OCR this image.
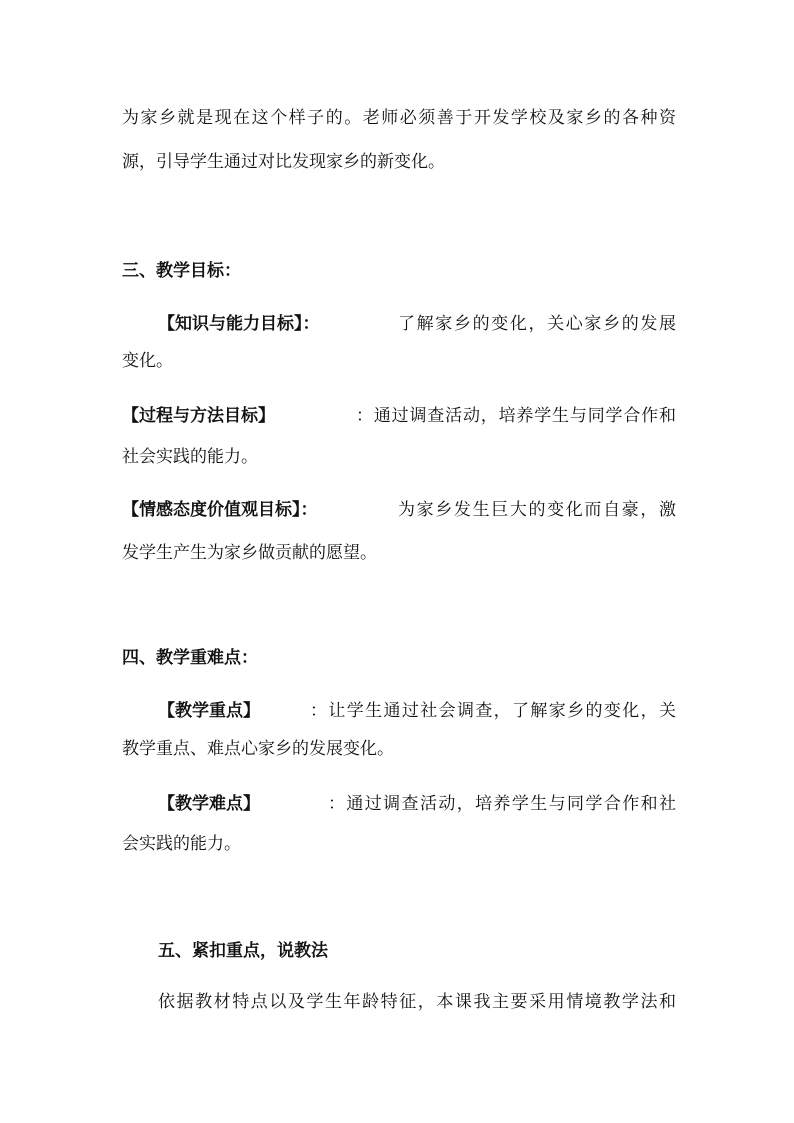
为家乡就是现在这个样子的。老师必须善于开发学校及家乡的各种资
源，引导学生通过对比发现家乡的新变化。
三、教学目标：
【知识与能力目标】：	了解家乡的变化，关心家乡的发展
变化。
【过程与方法目标】	：通过调查活动，培养学生与同学合作和
社会实践的能力。
【情感态度价值观目标】：	为家乡发生巨大的变化而自豪，激
发学生产生为家乡做贡献的愿望。
四、教学重难点：
【教学重点】	：让学生通过社会调查，了解家乡的变化，关
教学重点、难点心家乡的发展变化。
【教学难点】	：通过调查活动，培养学生与同学合作和社
会实践的能力。
五、紧扣重点，说教法
依据教材特点以及学生年龄特征，本课我主要采用情境教学法和
